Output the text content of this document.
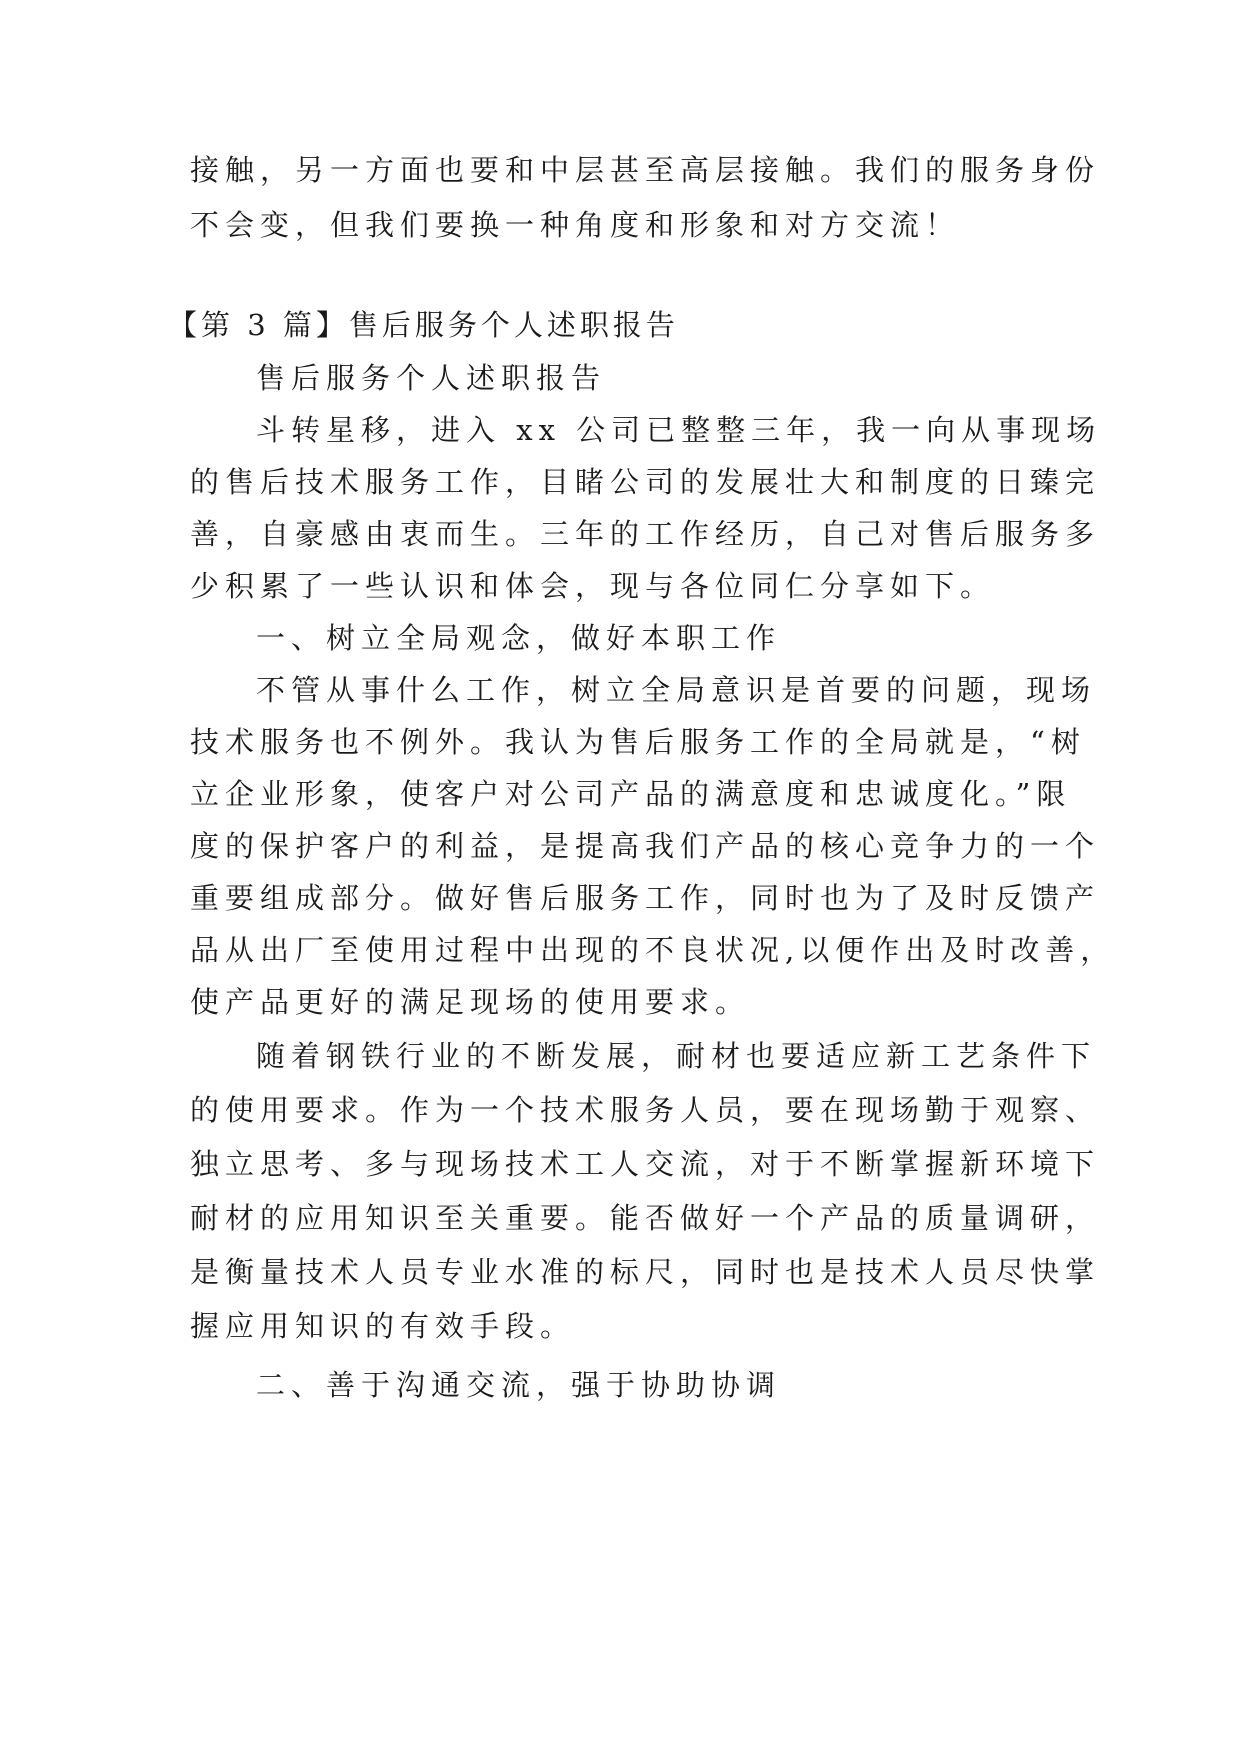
接触，另一方面也要和中层甚至高层接触。我们的服务身份
不会变，但我们要换一种角度和形象和对方交流！
【第 3 篇】售后服务个人述职报告
售后服务个人述职报告
斗转星移，进入 xx 公司已整整三年，我一向从事现场
的售后技术服务工作，目睹公司的发展壮大和制度的日臻完
善，自豪感由衷而生。三年的工作经历，自己对售后服务多
少积累了一些认识和体会，现与各位同仁分享如下。
一、树立全局观念，做好本职工作
不管从事什么工作，树立全局意识是首要的问题，现场
技术服务也不例外。我认为售后服务工作的全局就是，“树
立企业形象，使客户对公司产品的满意度和忠诚度化。”限
度的保护客户的利益，是提高我们产品的核心竞争力的一个
重要组成部分。做好售后服务工作，同时也为了及时反馈产
品从出厂至使用过程中出现的不良状况,以便作出及时改善，
使产品更好的满足现场的使用要求。
随着钢铁行业的不断发展，耐材也要适应新工艺条件下
的使用要求。作为一个技术服务人员，要在现场勤于观察、
独立思考、多与现场技术工人交流，对于不断掌握新环境下
耐材的应用知识至关重要。能否做好一个产品的质量调研，
是衡量技术人员专业水准的标尺，同时也是技术人员尽快掌
握应用知识的有效手段。
二、善于沟通交流，强于协助协调
